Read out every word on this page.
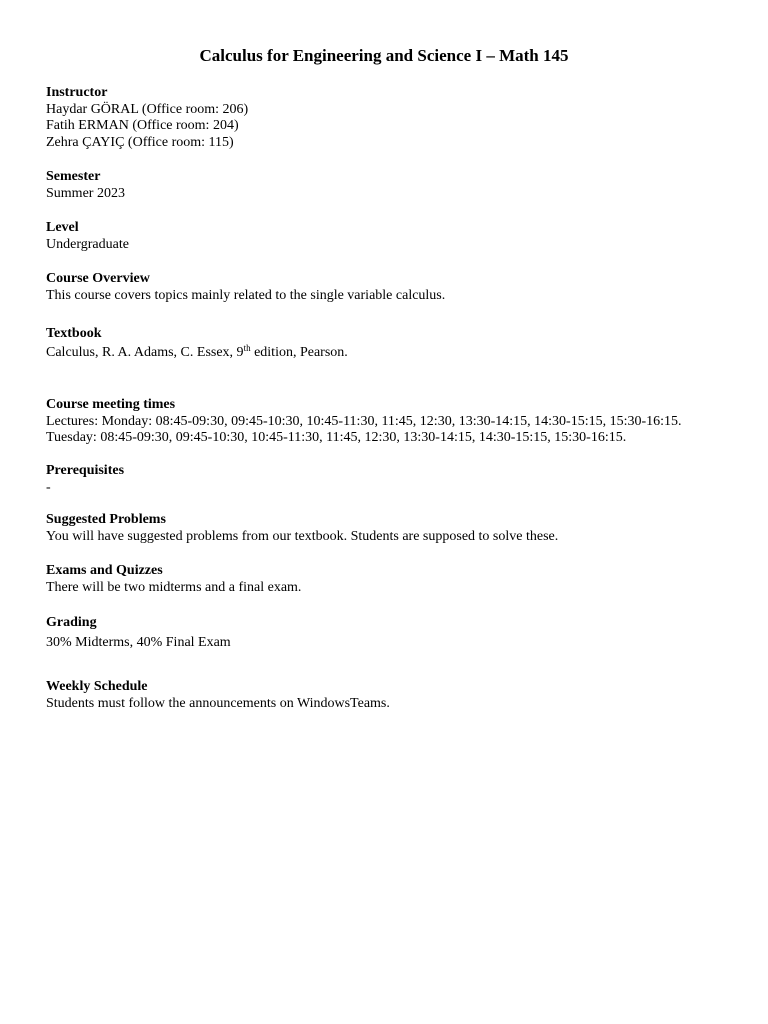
Calculus for Engineering and Science I – Math 145
Instructor
Haydar GÖRAL (Office room: 206)
Fatih ERMAN (Office room: 204)
Zehra ÇAYIÇ (Office room: 115)
Semester
Summer 2023
Level
Undergraduate
Course Overview
This course covers topics mainly related to the single variable calculus.
Textbook
Calculus, R. A. Adams, C. Essex, 9th edition, Pearson.
Course meeting times
Lectures: Monday: 08:45-09:30, 09:45-10:30, 10:45-11:30, 11:45, 12:30, 13:30-14:15, 14:30-15:15, 15:30-16:15.
Tuesday: 08:45-09:30, 09:45-10:30, 10:45-11:30, 11:45, 12:30, 13:30-14:15, 14:30-15:15, 15:30-16:15.
Prerequisites
-
Suggested Problems
You will have suggested problems from our textbook. Students are supposed to solve these.
Exams and Quizzes
There will be two midterms and a final exam.
Grading
30% Midterms, 40% Final Exam
Weekly Schedule
Students must follow the announcements on WindowsTeams.
